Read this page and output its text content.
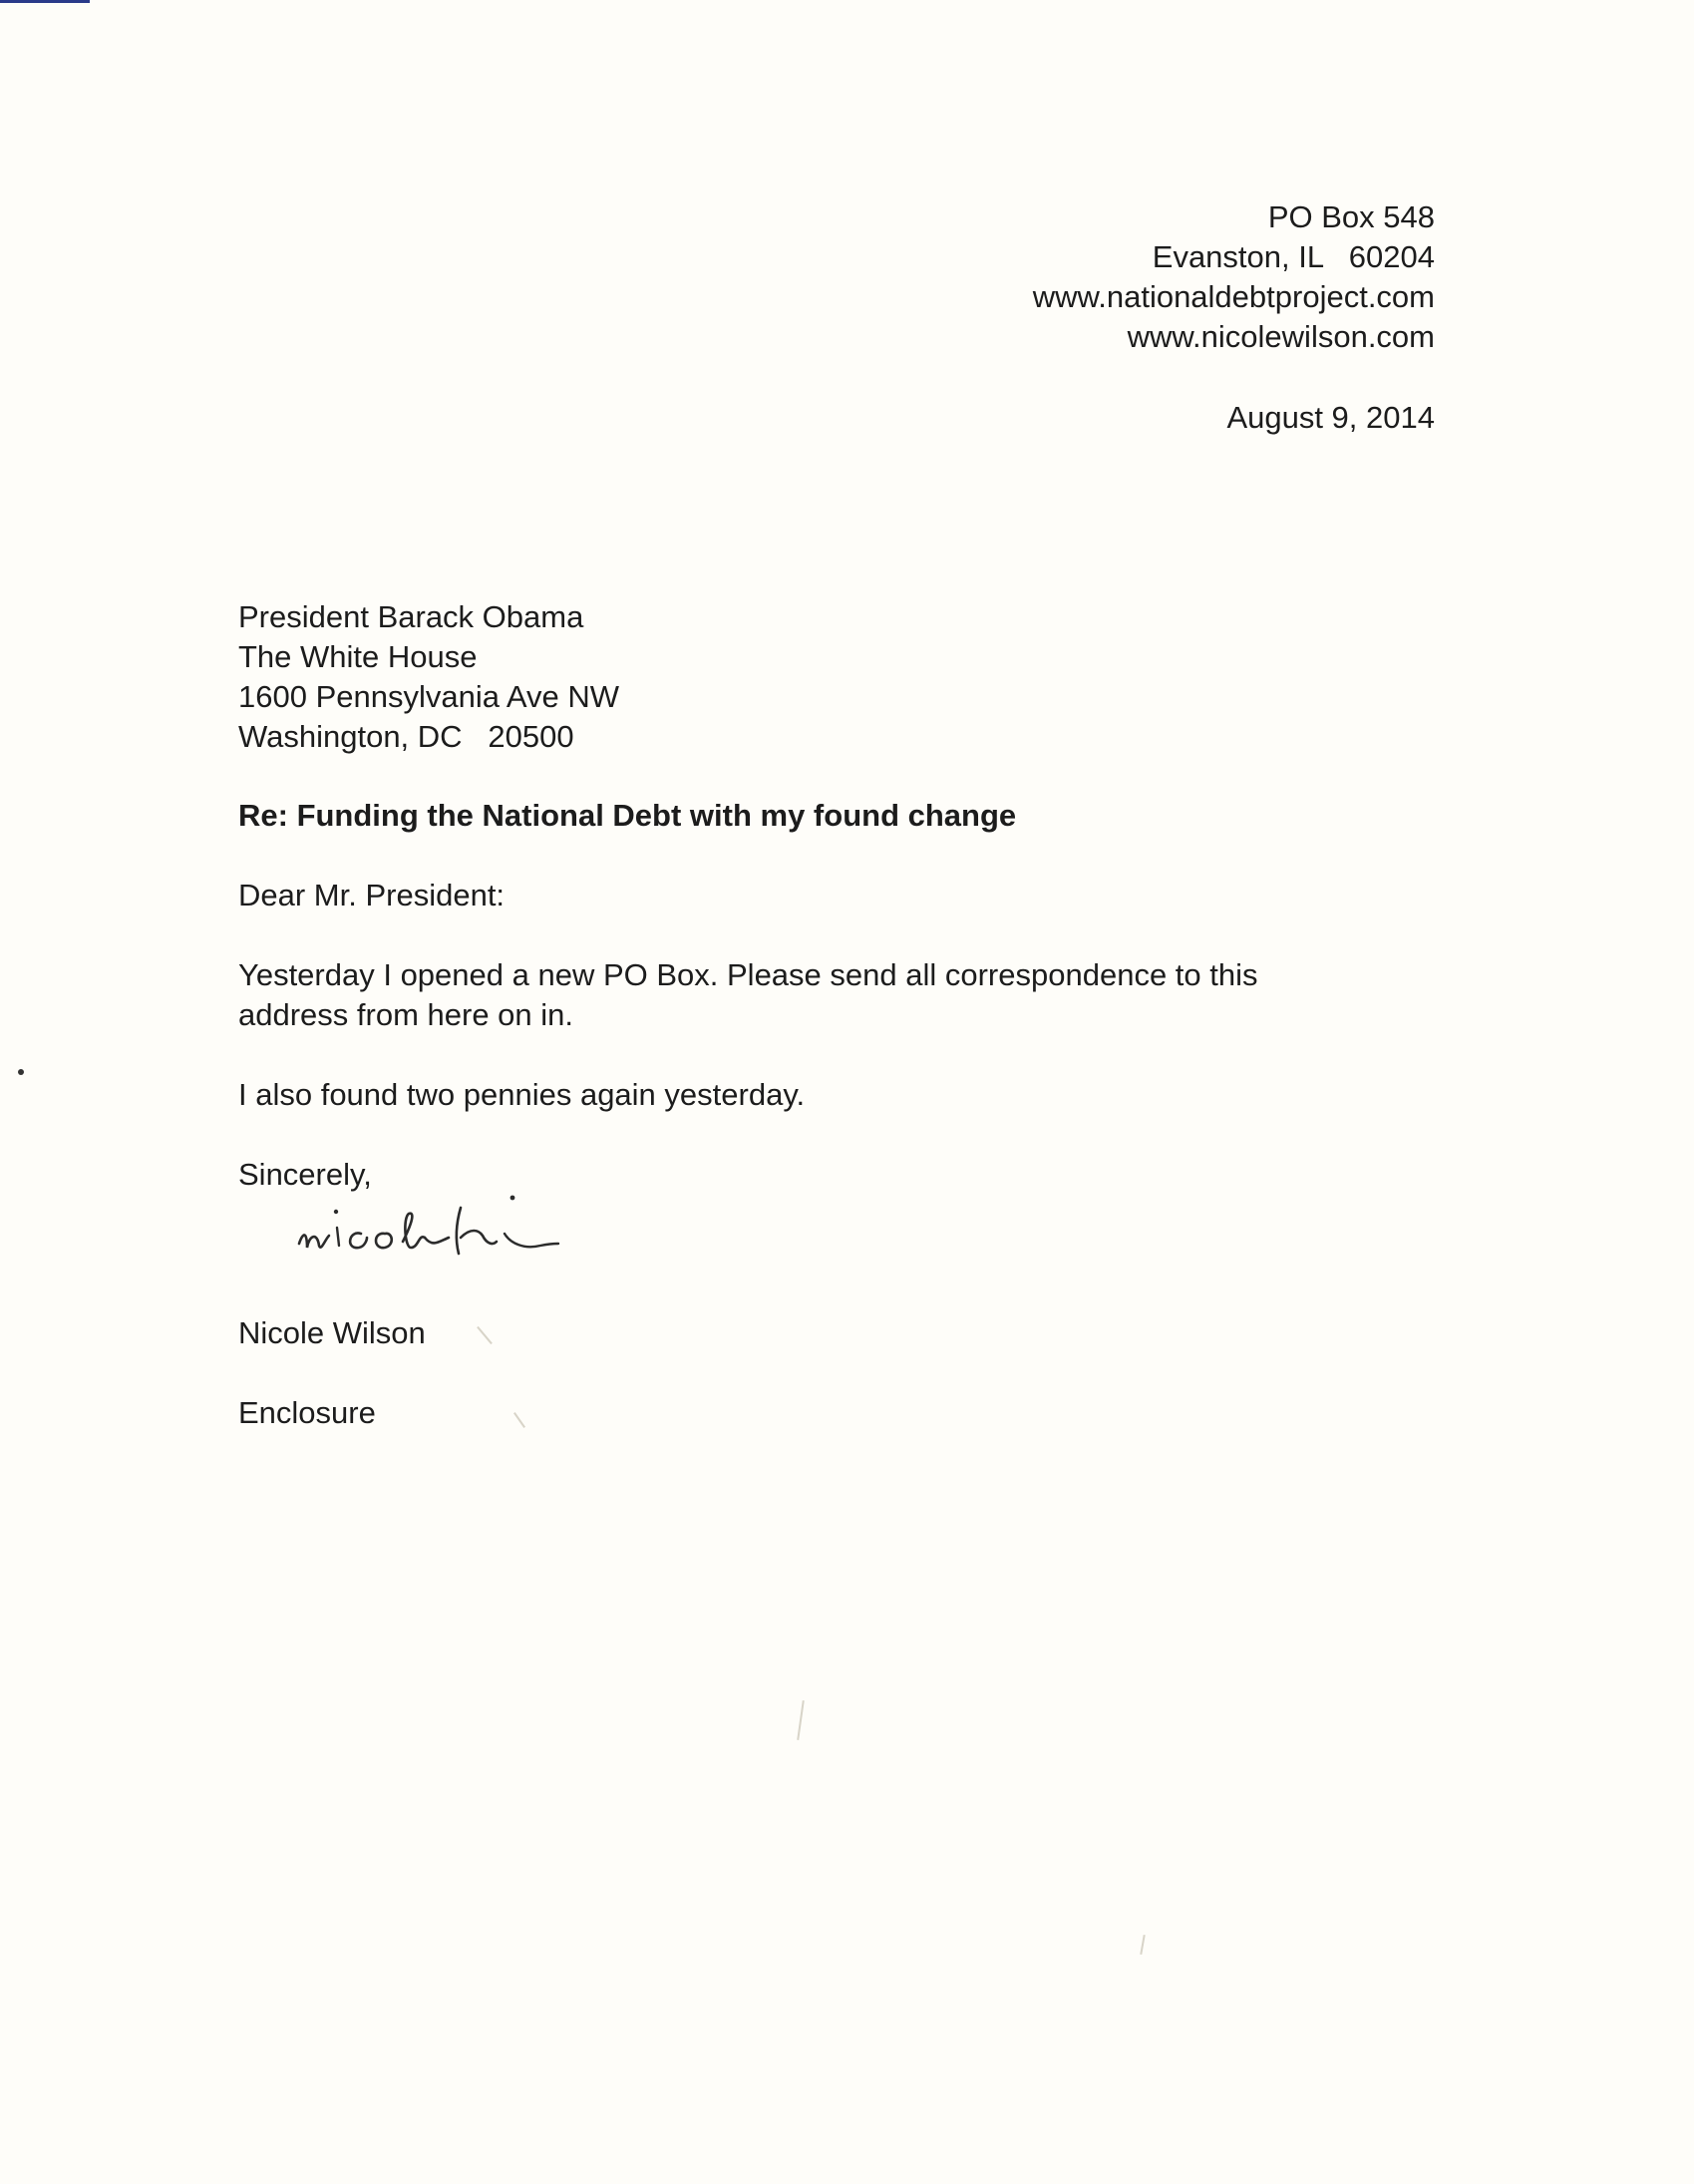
PO Box 548
Evanston, IL   60204
www.nationaldebtproject.com
www.nicolewilson.com
August 9, 2014
President Barack Obama
The White House
1600 Pennsylvania Ave NW
Washington, DC   20500
Re: Funding the National Debt with my found change
Dear Mr. President:
Yesterday I opened a new PO Box. Please send all correspondence to this
address from here on in.
I also found two pennies again yesterday.
Sincerely,
Nicole Wilson
Enclosure
